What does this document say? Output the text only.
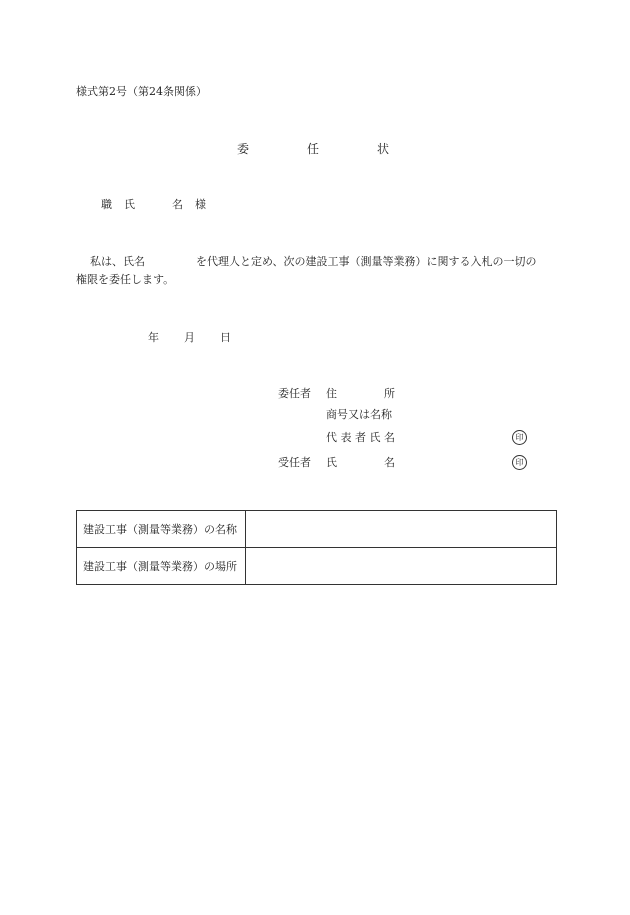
様式第2号（第24条関係）
委	任	状
職 氏	名 様
私は、氏名	を代理人と定め、次の建設工事（測量等業務）に関する入札の一切の
権限を委任します。
年 月 日
委任者 住	所
商号又は名称
代 表 者 氏 名	印
受任者 氏	名	印
建設工事（測量等業務）の名称	
建設工事（測量等業務）の場所	
